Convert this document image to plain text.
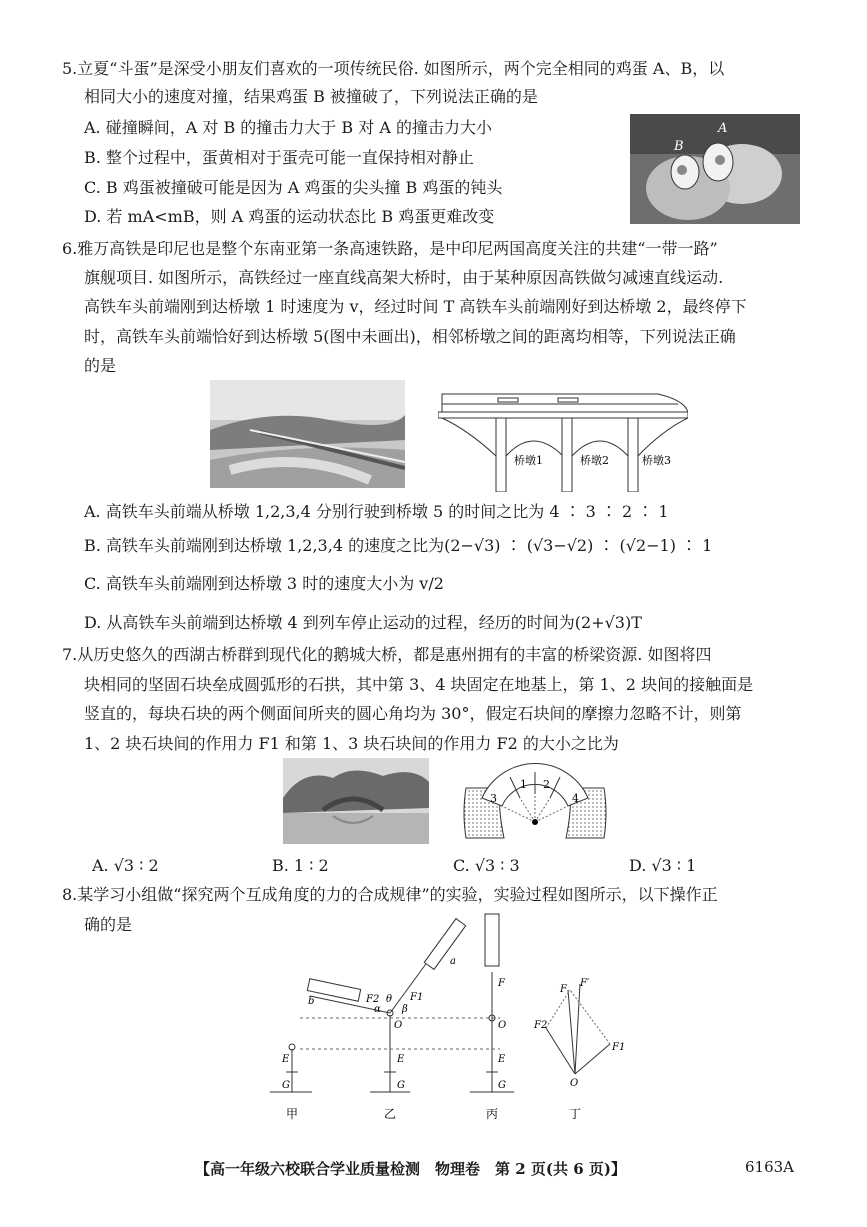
5.立夏“斗蛋”是深受小朋友们喜欢的一项传统民俗. 如图所示，两个完全相同的鸡蛋 A、B，以
相同大小的速度对撞，结果鸡蛋 B 被撞破了，下列说法正确的是
A. 碰撞瞬间，A 对 B 的撞击力大于 B 对 A 的撞击力大小
B. 整个过程中，蛋黄相对于蛋壳可能一直保持相对静止
C. B 鸡蛋被撞破可能是因为 A 鸡蛋的尖头撞 B 鸡蛋的钝头
D. 若 mA<mB，则 A 鸡蛋的运动状态比 B 鸡蛋更难改变
A
B
6.雅万高铁是印尼也是整个东南亚第一条高速铁路，是中印尼两国高度关注的共建“一带一路”
旗舰项目. 如图所示，高铁经过一座直线高架大桥时，由于某种原因高铁做匀减速直线运动.
高铁车头前端刚到达桥墩 1 时速度为 v，经过时间 T 高铁车头前端刚好到达桥墩 2，最终停下
时，高铁车头前端恰好到达桥墩 5(图中未画出)，相邻桥墩之间的距离均相等，下列说法正确
的是
桥墩1	桥墩2	桥墩3
A. 高铁车头前端从桥墩 1,2,3,4 分别行驶到桥墩 5 的时间之比为 4 ∶ 3 ∶ 2 ∶ 1
B. 高铁车头前端刚到达桥墩 1,2,3,4 的速度之比为(2−√3) ∶ (√3−√2) ∶ (√2−1) ∶ 1
C. 高铁车头前端刚到达桥墩 3 时的速度大小为 v/2
D. 从高铁车头前端到达桥墩 4 到列车停止运动的过程，经历的时间为(2+√3)T
7.从历史悠久的西湖古桥群到现代化的鹅城大桥，都是惠州拥有的丰富的桥梁资源. 如图将四
块相同的坚固石块垒成圆弧形的石拱，其中第 3、4 块固定在地基上，第 1、2 块间的接触面是
竖直的，每块石块的两个侧面间所夹的圆心角均为 30°，假定石块间的摩擦力忽略不计，则第
1、2 块石块间的作用力 F1 和第 1、3 块石块间的作用力 F2 的大小之比为
3
1 2
4
A. √3 ∶ 2	B. 1 ∶ 2	C. √3 ∶ 3	D. √3 ∶ 1
8.某学习小组做“探究两个互成角度的力的合成规律”的实验，实验过程如图所示，以下操作正
确的是
E
G
甲
E
G
O
乙
b
a
F2	F1
α
θ
β
F
O
E
G
丙
O
F
F′
F2
F1
丁
【高一年级六校联合学业质量检测　物理卷　第 2 页(共 6 页)】	6163A
